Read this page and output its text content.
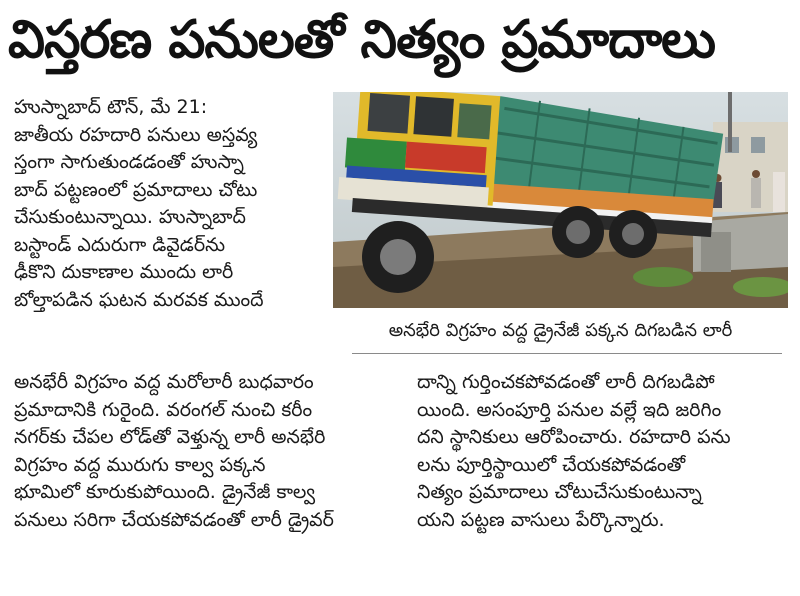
విస్తరణ పనులతో నిత్యం ప్రమాదాలు

హుస్నాబాద్ టౌన్, మే 21:

జాతీయ రహదారి పనులు అస్తవ్య

స్తంగా సాగుతుండడంతో హుస్నా

బాద్ పట్టణంలో ప్రమాదాలు చోటు

చేసుకుంటున్నాయి. హుస్నాబాద్

బస్టాండ్ ఎదురుగా డివైడర్‌ను

ఢీకొని దుకాణాల ముందు లారీ

బోల్తాపడిన ఘటన మరవక ముందే

అనభేరి విగ్రహం వద్ద డ్రైనేజీ పక్కన దిగబడిన లారీ

అనభేరీ విగ్రహం వద్ద మరోలారీ బుధవారం

ప్రమాదానికి గురైంది. వరంగల్ నుంచి కరీం

నగర్‌కు చేపల లోడ్‌తో వెళ్తున్న లారీ అనభేరి

విగ్రహం వద్ద మురుగు కాల్వ పక్కన

భూమిలో కూరుకుపోయింది. డ్రైనేజీ కాల్వ

పనులు సరిగా చేయకపోవడంతో లారీ డ్రైవర్

దాన్ని గుర్తించకపోవడంతో లారీ దిగబడిపో

యింది. అసంపూర్తి పనుల వల్లే ఇది జరిగిం

దని స్థానికులు ఆరోపించారు. రహదారి పను

లను పూర్తిస్థాయిలో చేయకపోవడంతో

నిత్యం ప్రమాదాలు చోటుచేసుకుంటున్నా

యని పట్టణ వాసులు పేర్కొన్నారు.
